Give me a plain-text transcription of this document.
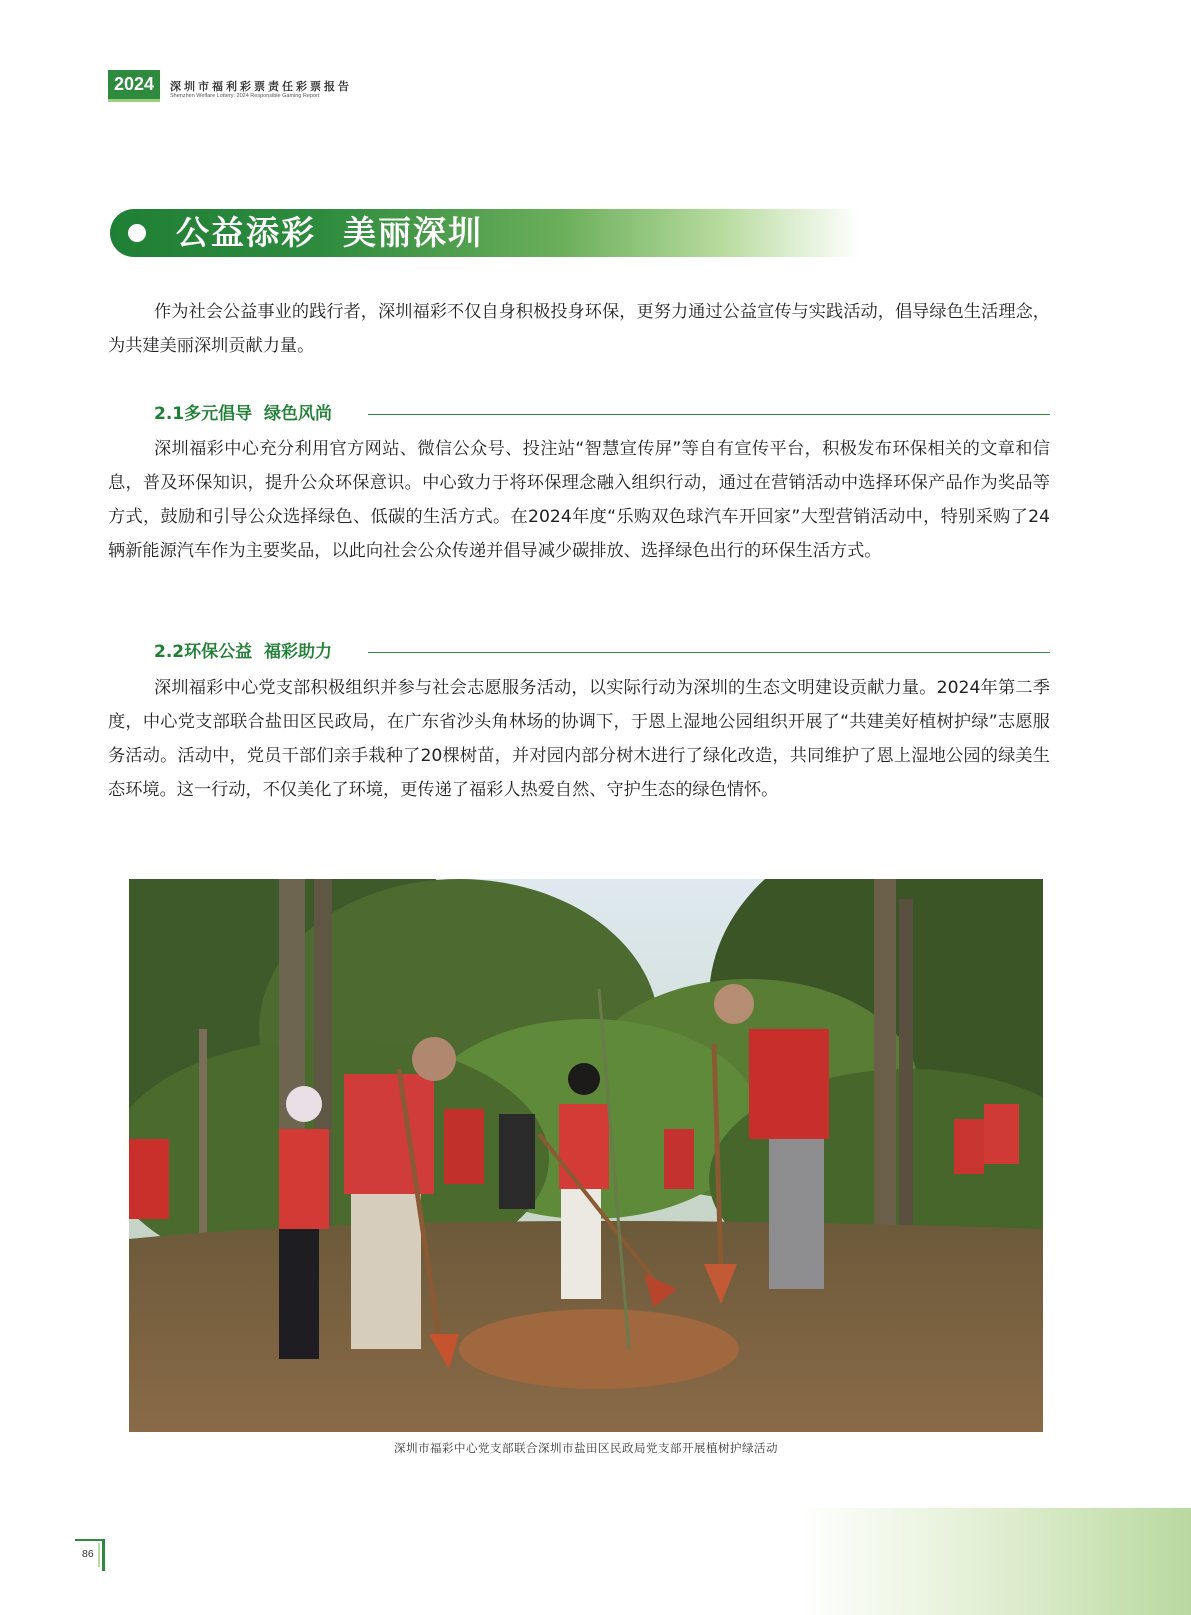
2024	深圳市福利彩票责任彩票报告
Shenzhen Welfare Lottery: 2024 Responsible Gaming Report
公益添彩  美丽深圳

作为社会公益事业的践行者，深圳福彩不仅自身积极投身环保，更努力通过公益宣传与实践活动，倡导绿色生活理念，为共建美丽深圳贡献力量。

2.1多元倡导  绿色风尚

深圳福彩中心充分利用官方网站、微信公众号、投注站“智慧宣传屏”等自有宣传平台，积极发布环保相关的文章和信息，普及环保知识，提升公众环保意识。中心致力于将环保理念融入组织行动，通过在营销活动中选择环保产品作为奖品等方式，鼓励和引导公众选择绿色、低碳的生活方式。在2024年度“乐购双色球汽车开回家”大型营销活动中，特别采购了24辆新能源汽车作为主要奖品，以此向社会公众传递并倡导减少碳排放、选择绿色出行的环保生活方式。

2.2环保公益  福彩助力

深圳福彩中心党支部积极组织并参与社会志愿服务活动，以实际行动为深圳的生态文明建设贡献力量。2024年第二季度，中心党支部联合盐田区民政局，在广东省沙头角林场的协调下，于恩上湿地公园组织开展了“共建美好植树护绿”志愿服务活动。活动中，党员干部们亲手栽种了20棵树苗，并对园内部分树木进行了绿化改造，共同维护了恩上湿地公园的绿美生态环境。这一行动，不仅美化了环境，更传递了福彩人热爱自然、守护生态的绿色情怀。

深圳市福彩中心党支部联合深圳市盐田区民政局党支部开展植树护绿活动
86
